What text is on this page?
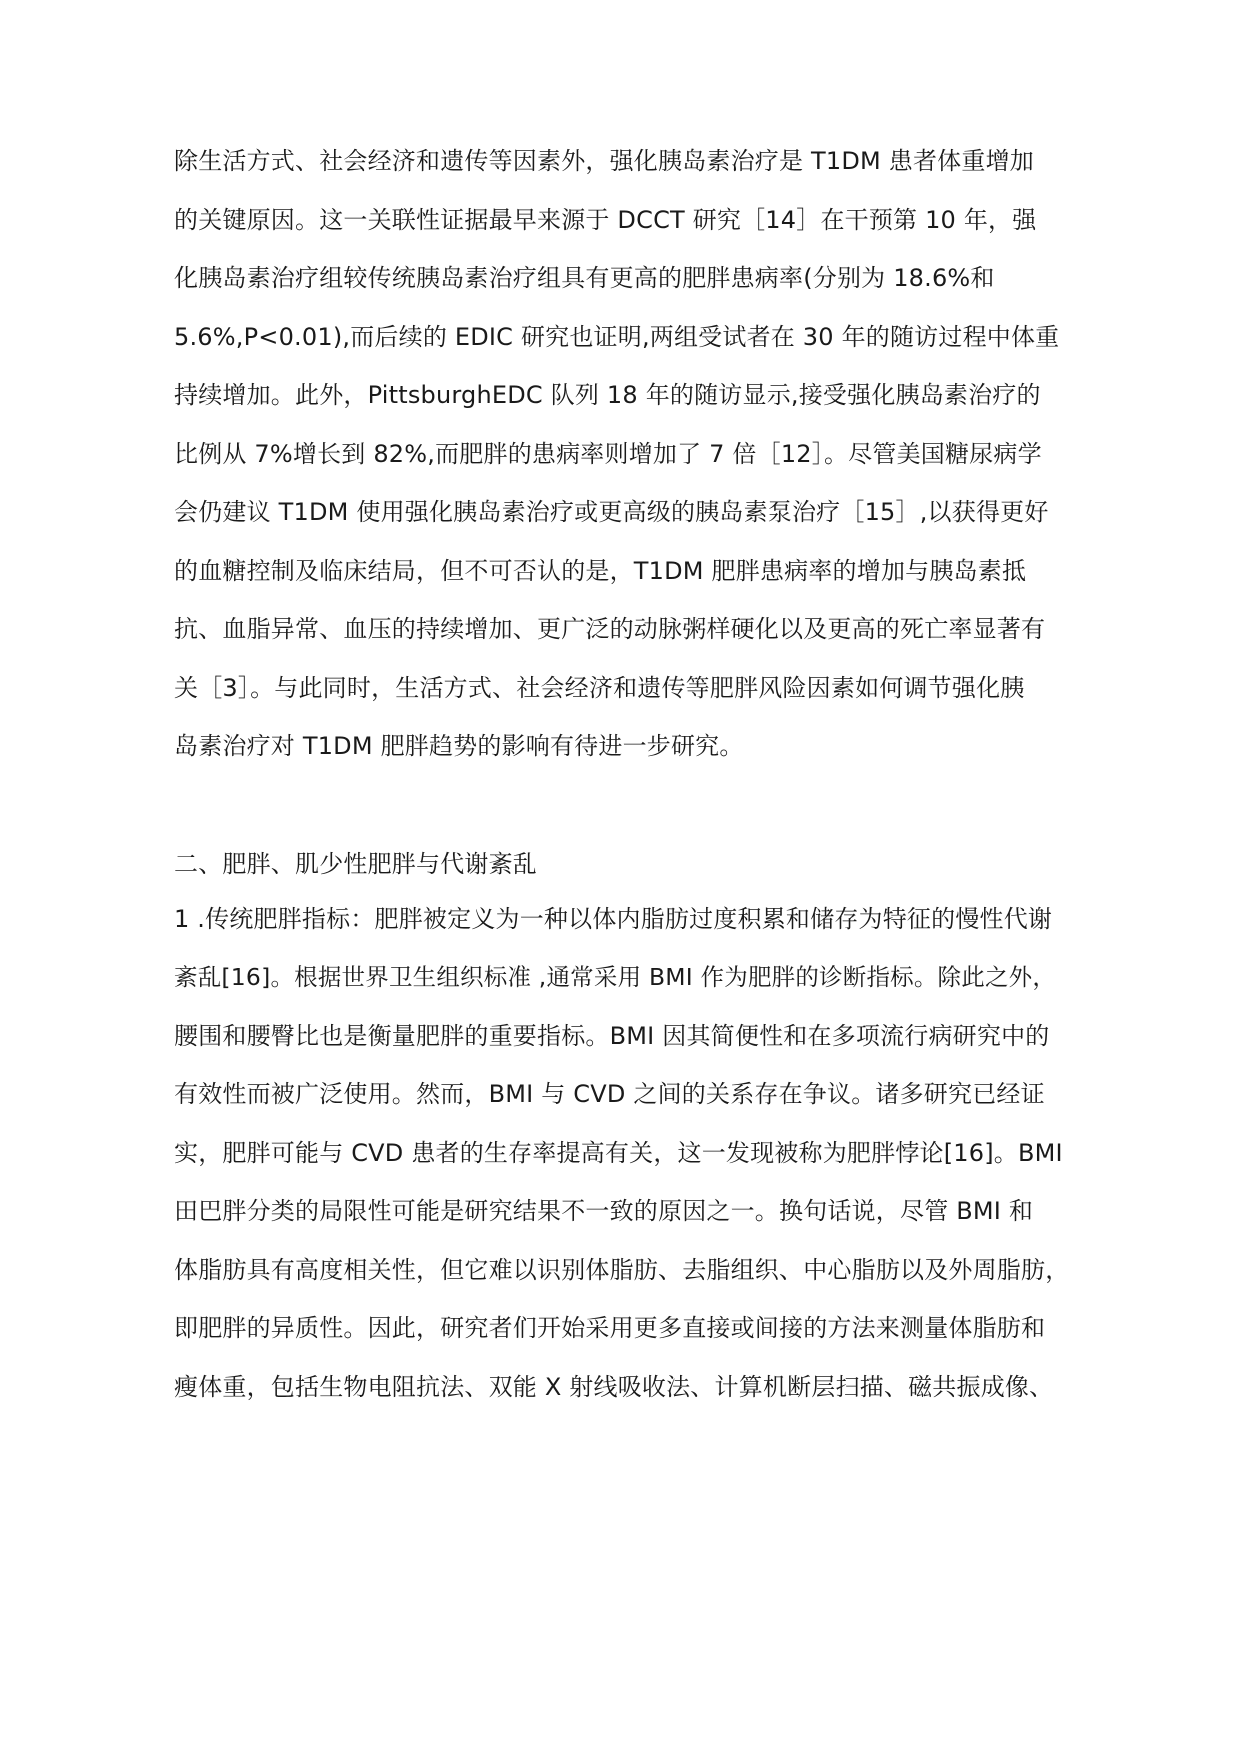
除生活方式、社会经济和遗传等因素外，强化胰岛素治疗是 T1DM 患者体重增加
的关键原因。这一关联性证据最早来源于 DCCT 研究［14］在干预第 10 年，强
化胰岛素治疗组较传统胰岛素治疗组具有更高的肥胖患病率(分别为 18.6%和
5.6%,P<0.01),而后续的 EDIC 研究也证明,两组受试者在 30 年的随访过程中体重
持续增加。此外，PittsburghEDC 队列 18 年的随访显示,接受强化胰岛素治疗的
比例从 7%增长到 82%,而肥胖的患病率则增加了 7 倍［12］。尽管美国糖尿病学
会仍建议 T1DM 使用强化胰岛素治疗或更高级的胰岛素泵治疗［15］,以获得更好
的血糖控制及临床结局，但不可否认的是，T1DM 肥胖患病率的增加与胰岛素抵
抗、血脂异常、血压的持续增加、更广泛的动脉粥样硬化以及更高的死亡率显著有
关［3］。与此同时，生活方式、社会经济和遗传等肥胖风险因素如何调节强化胰
岛素治疗对 T1DM 肥胖趋势的影响有待进一步研究。
二、肥胖、肌少性肥胖与代谢紊乱
1 .传统肥胖指标：肥胖被定义为一种以体内脂肪过度积累和储存为特征的慢性代谢
紊乱[16]。根据世界卫生组织标准 ,通常采用 BMI 作为肥胖的诊断指标。除此之外，
腰围和腰臀比也是衡量肥胖的重要指标。BMI 因其简便性和在多项流行病研究中的
有效性而被广泛使用。然而，BMI 与 CVD 之间的关系存在争议。诸多研究已经证
实，肥胖可能与 CVD 患者的生存率提高有关，这一发现被称为肥胖悖论[16]。BMI
田巴胖分类的局限性可能是研究结果不一致的原因之一。换句话说，尽管 BMI 和
体脂肪具有高度相关性，但它难以识别体脂肪、去脂组织、中心脂肪以及外周脂肪，
即肥胖的异质性。因此，研究者们开始采用更多直接或间接的方法来测量体脂肪和
瘦体重，包括生物电阻抗法、双能 X 射线吸收法、计算机断层扫描、磁共振成像、
